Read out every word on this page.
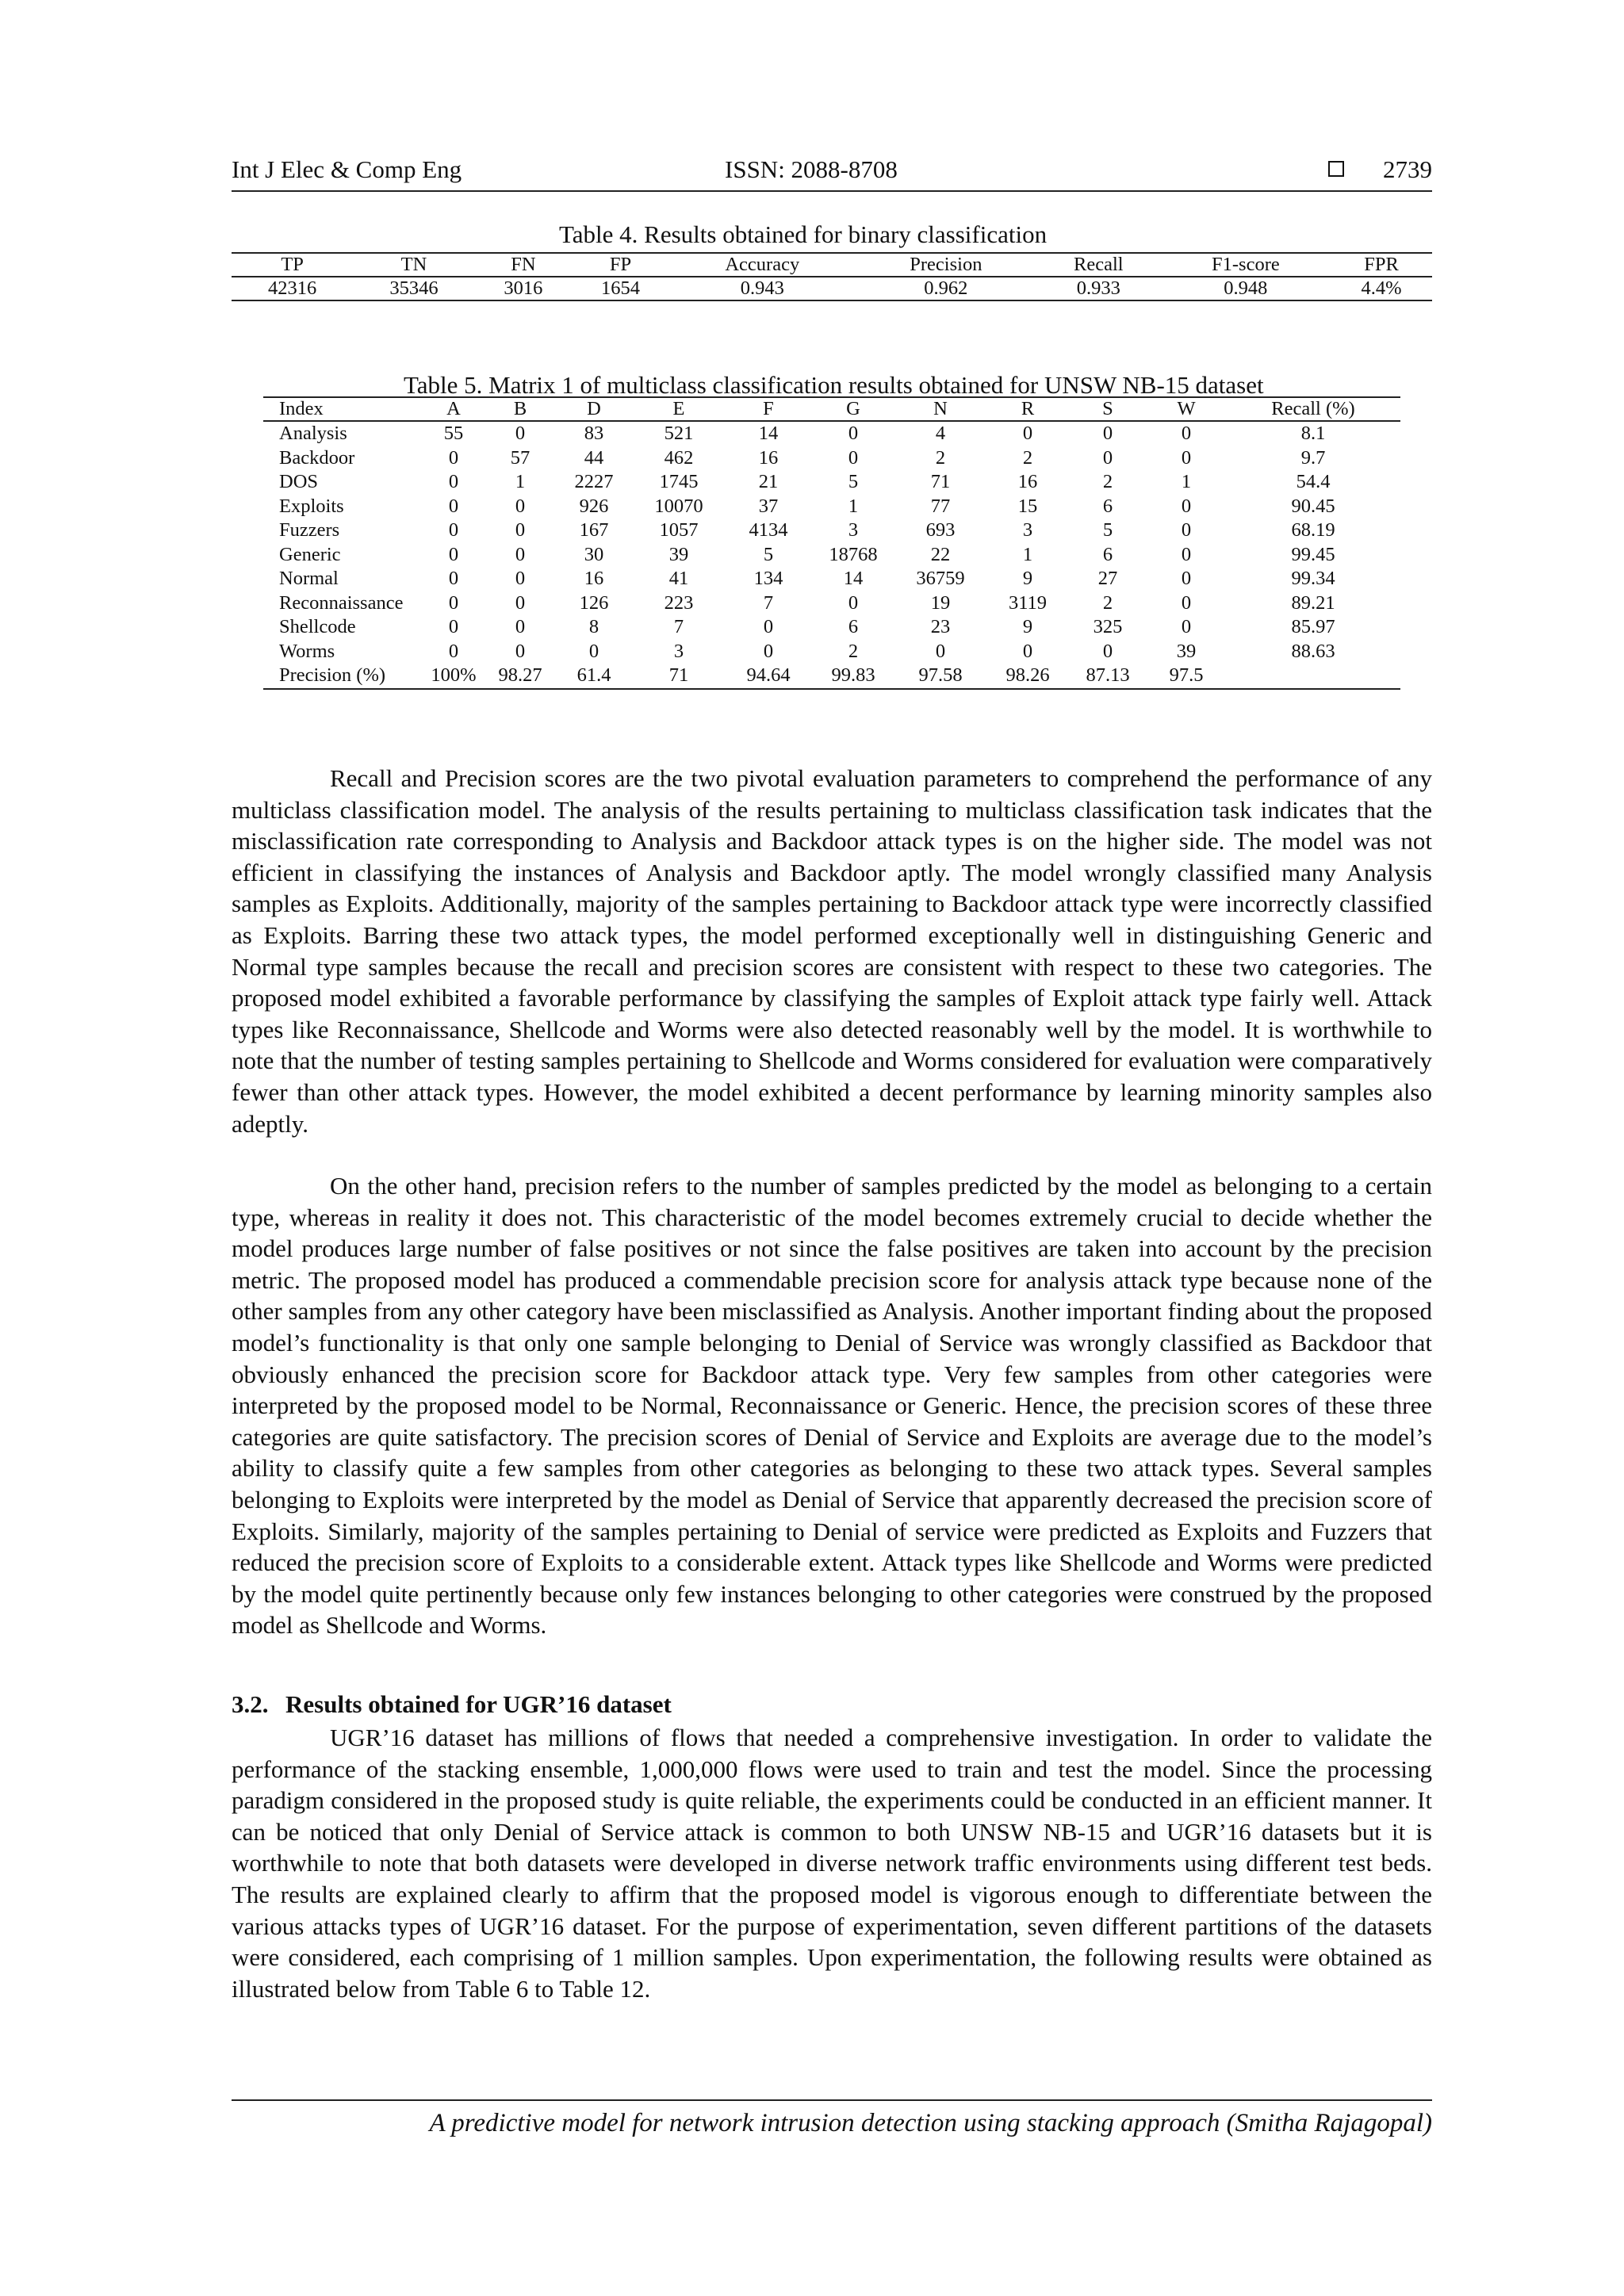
Int J Elec & Comp Eng	ISSN: 2088-8708	2739
Table 4. Results obtained for binary classification
TP	TN	FN	FP	Accuracy	Precision	Recall	F1-score	FPR
42316	35346	3016	1654	0.943	0.962	0.933	0.948	4.4%
Table 5. Matrix 1 of multiclass classification results obtained for UNSW NB-15 dataset
Index	A	B	D	E	F	G	N	R	S	W	Recall (%)
Analysis	55	0	83	521	14	0	4	0	0	0	8.1
Backdoor	0	57	44	462	16	0	2	2	0	0	9.7
DOS	0	1	2227	1745	21	5	71	16	2	1	54.4
Exploits	0	0	926	10070	37	1	77	15	6	0	90.45
Fuzzers	0	0	167	1057	4134	3	693	3	5	0	68.19
Generic	0	0	30	39	5	18768	22	1	6	0	99.45
Normal	0	0	16	41	134	14	36759	9	27	0	99.34
Reconnaissance	0	0	126	223	7	0	19	3119	2	0	89.21
Shellcode	0	0	8	7	0	6	23	9	325	0	85.97
Worms	0	0	0	3	0	2	0	0	0	39	88.63
Precision (%)	100%	98.27	61.4	71	94.64	99.83	97.58	98.26	87.13	97.5	

Recall and Precision scores are the two pivotal evaluation parameters to comprehend the performance of any multiclass classification model. The analysis of the results pertaining to multiclass classification task indicates that the misclassification rate corresponding to Analysis and Backdoor attack types is on the higher side. The model was not efficient in classifying the instances of Analysis and Backdoor aptly. The model wrongly classified many Analysis samples as Exploits. Additionally, majority of the samples pertaining to Backdoor attack type were incorrectly classified as Exploits. Barring these two attack types, the model performed exceptionally well in distinguishing Generic and Normal type samples because the recall and precision scores are consistent with respect to these two categories. The proposed model exhibited a favorable performance by classifying the samples of Exploit attack type fairly well. Attack types like Reconnaissance, Shellcode and Worms were also detected reasonably well by the model. It is worthwhile to note that the number of testing samples pertaining to Shellcode and Worms considered for evaluation were comparatively fewer than other attack types. However, the model exhibited a decent performance by learning minority samples also adeptly.

On the other hand, precision refers to the number of samples predicted by the model as belonging to a certain type, whereas in reality it does not. This characteristic of the model becomes extremely crucial to decide whether the model produces large number of false positives or not since the false positives are taken into account by the precision metric. The proposed model has produced a commendable precision score for analysis attack type because none of the other samples from any other category have been misclassified as Analysis. Another important finding about the proposed model’s functionality is that only one sample belonging to Denial of Service was wrongly classified as Backdoor that obviously enhanced the precision score for Backdoor attack type. Very few samples from other categories were interpreted by the proposed model to be Normal, Reconnaissance or Generic. Hence, the precision scores of these three categories are quite satisfactory. The precision scores of Denial of Service and Exploits are average due to the model’s ability to classify quite a few samples from other categories as belonging to these two attack types. Several samples belonging to Exploits were interpreted by the model as Denial of Service that apparently decreased the precision score of Exploits. Similarly, majority of the samples pertaining to Denial of service were predicted as Exploits and Fuzzers that reduced the precision score of Exploits to a considerable extent. Attack types like Shellcode and Worms were predicted by the model quite pertinently because only few instances belonging to other categories were construed by the proposed model as Shellcode and Worms.

3.2. Results obtained for UGR’16 dataset

UGR’16 dataset has millions of flows that needed a comprehensive investigation. In order to validate the performance of the stacking ensemble, 1,000,000 flows were used to train and test the model. Since the processing paradigm considered in the proposed study is quite reliable, the experiments could be conducted in an efficient manner. It can be noticed that only Denial of Service attack is common to both UNSW NB-15 and UGR’16 datasets but it is worthwhile to note that both datasets were developed in diverse network traffic environments using different test beds. The results are explained clearly to affirm that the proposed model is vigorous enough to differentiate between the various attacks types of UGR’16 dataset. For the purpose of experimentation, seven different partitions of the datasets were considered, each comprising of 1 million samples. Upon experimentation, the following results were obtained as illustrated below from Table 6 to Table 12.

A predictive model for network intrusion detection using stacking approach (Smitha Rajagopal)
